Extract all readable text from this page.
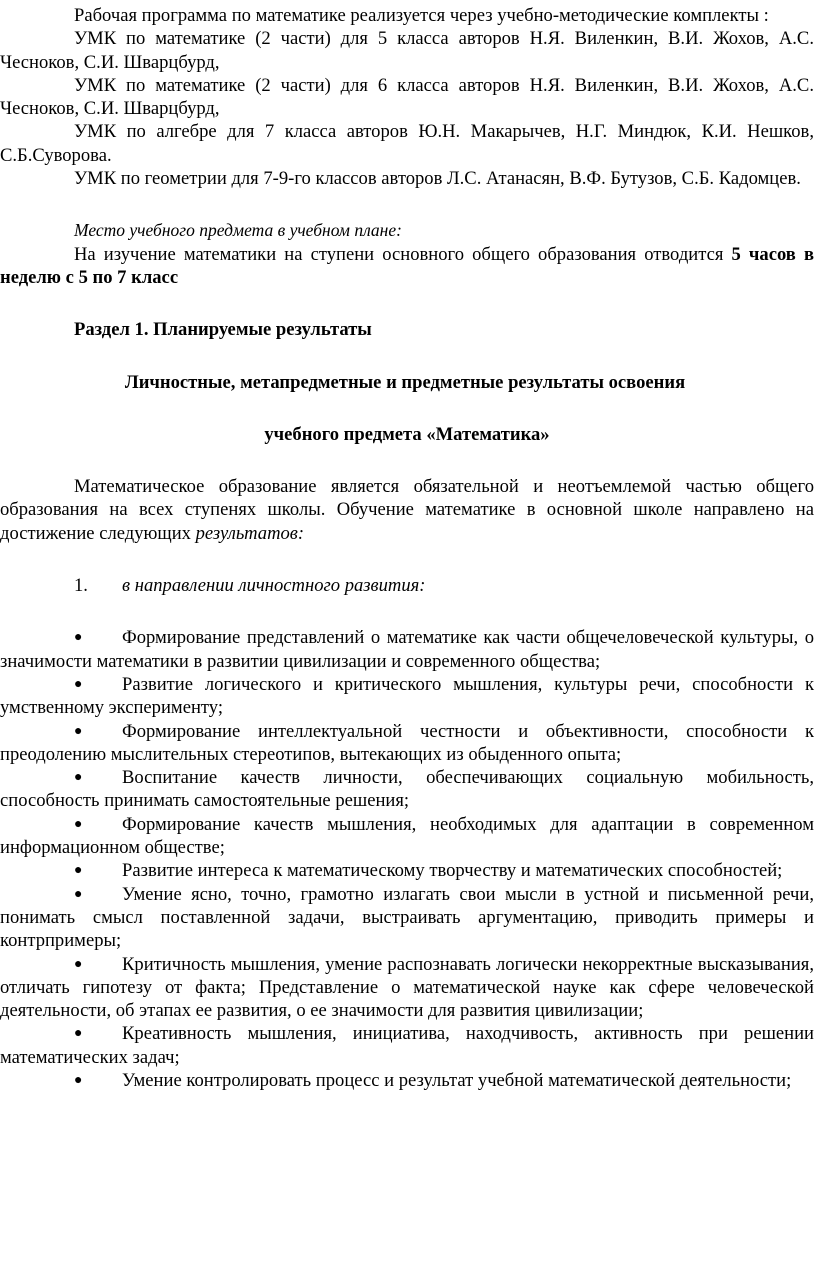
Рабочая программа по математике реализуется через учебно-методические комплекты :

УМК по математике (2 части) для 5 класса авторов Н.Я. Виленкин, В.И. Жохов, А.С. Чесноков, С.И. Шварцбурд,

УМК по математике (2 части) для 6 класса авторов Н.Я. Виленкин, В.И. Жохов, А.С. Чесноков, С.И. Шварцбурд,

УМК по алгебре для 7 класса авторов Ю.Н. Макарычев, Н.Г. Миндюк, К.И. Нешков, С.Б.Суворова.

УМК по геометрии для 7-9-го классов авторов Л.С. Атанасян, В.Ф. Бутузов, С.Б. Кадомцев.

Место учебного предмета в учебном плане:

На изучение математики на ступени основного общего образования отводится 5 часов в неделю с 5 по 7 класс

Раздел 1. Планируемые результаты

Личностные, метапредметные и предметные результаты освоения

учебного предмета «Математика»

Математическое образование является обязательной и неотъемлемой частью общего образования на всех ступенях школы. Обучение математике в основной школе направлено на достижение следующих результатов:

1. в направлении личностного развития:

● Формирование представлений о математике как части общечеловеческой культуры, о значимости математики в развитии цивилизации и современного общества;

● Развитие логического и критического мышления, культуры речи, способности к умственному эксперименту;

● Формирование интеллектуальной честности и объективности, способности к преодолению мыслительных стереотипов, вытекающих из обыденного опыта;

● Воспитание качеств личности, обеспечивающих социальную мобильность, способность принимать самостоятельные решения;

● Формирование качеств мышления, необходимых для адаптации в современном информационном обществе;

● Развитие интереса к математическому творчеству и математических способностей;

● Умение ясно, точно, грамотно излагать свои мысли в устной и письменной речи, понимать смысл поставленной задачи, выстраивать аргументацию, приводить примеры и контрпримеры;

● Критичность мышления, умение распознавать логически некорректные высказывания, отличать гипотезу от факта; Представление о математической науке как сфере человеческой деятельности, об этапах ее развития, о ее значимости для развития цивилизации;

● Креативность мышления, инициатива, находчивость, активность при решении математических задач;

● Умение контролировать процесс и результат учебной математической деятельности;
